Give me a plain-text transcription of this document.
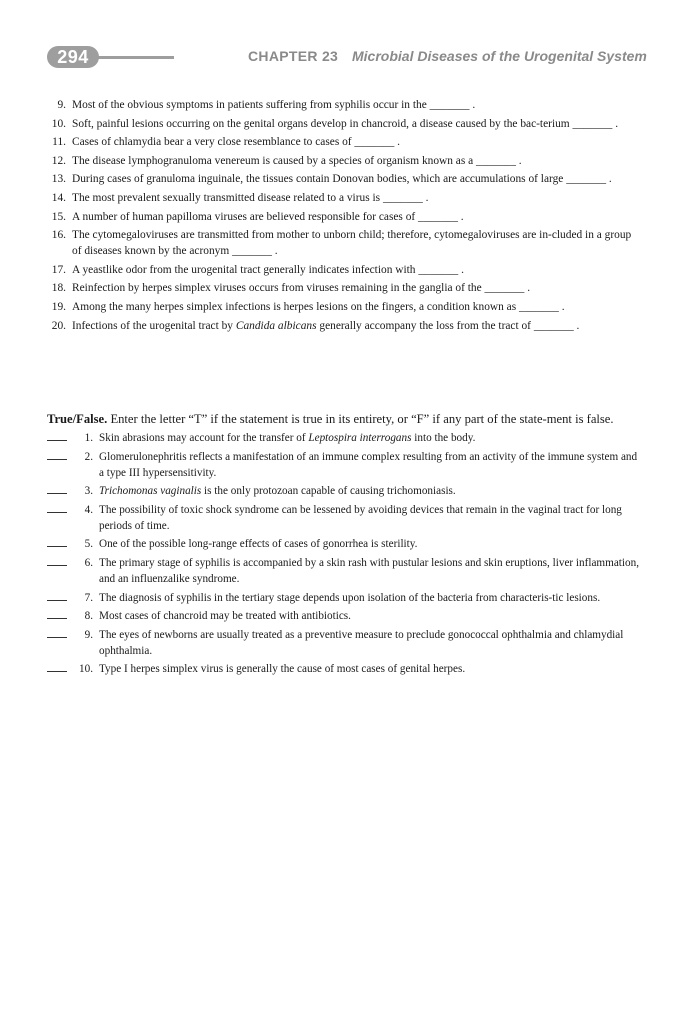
294	CHAPTER 23 Microbial Diseases of the Urogenital System
9. Most of the obvious symptoms in patients suffering from syphilis occur in the _______ .
10. Soft, painful lesions occurring on the genital organs develop in chancroid, a disease caused by the bac-terium _______ .
11. Cases of chlamydia bear a very close resemblance to cases of _______ .
12. The disease lymphogranuloma venereum is caused by a species of organism known as a _______ .
13. During cases of granuloma inguinale, the tissues contain Donovan bodies, which are accumulations of large _______ .
14. The most prevalent sexually transmitted disease related to a virus is _______ .
15. A number of human papilloma viruses are believed responsible for cases of _______ .
16. The cytomegaloviruses are transmitted from mother to unborn child; therefore, cytomegaloviruses are in-cluded in a group of diseases known by the acronym _______ .
17. A yeastlike odor from the urogenital tract generally indicates infection with _______ .
18. Reinfection by herpes simplex viruses occurs from viruses remaining in the ganglia of the _______ .
19. Among the many herpes simplex infections is herpes lesions on the fingers, a condition known as _______ .
20. Infections of the urogenital tract by Candida albicans generally accompany the loss from the tract of _______ .
True/False. Enter the letter “T” if the statement is true in its entirety, or “F” if any part of the state-ment is false.
1. Skin abrasions may account for the transfer of Leptospira interrogans into the body.
2. Glomerulonephritis reflects a manifestation of an immune complex resulting from an activity of the immune system and a type III hypersensitivity.
3. Trichomonas vaginalis is the only protozoan capable of causing trichomoniasis.
4. The possibility of toxic shock syndrome can be lessened by avoiding devices that remain in the vaginal tract for long periods of time.
5. One of the possible long-range effects of cases of gonorrhea is sterility.
6. The primary stage of syphilis is accompanied by a skin rash with pustular lesions and skin eruptions, liver inflammation, and an influenzalike syndrome.
7. The diagnosis of syphilis in the tertiary stage depends upon isolation of the bacteria from characteris-tic lesions.
8. Most cases of chancroid may be treated with antibiotics.
9. The eyes of newborns are usually treated as a preventive measure to preclude gonococcal ophthalmia and chlamydial ophthalmia.
10. Type I herpes simplex virus is generally the cause of most cases of genital herpes.
